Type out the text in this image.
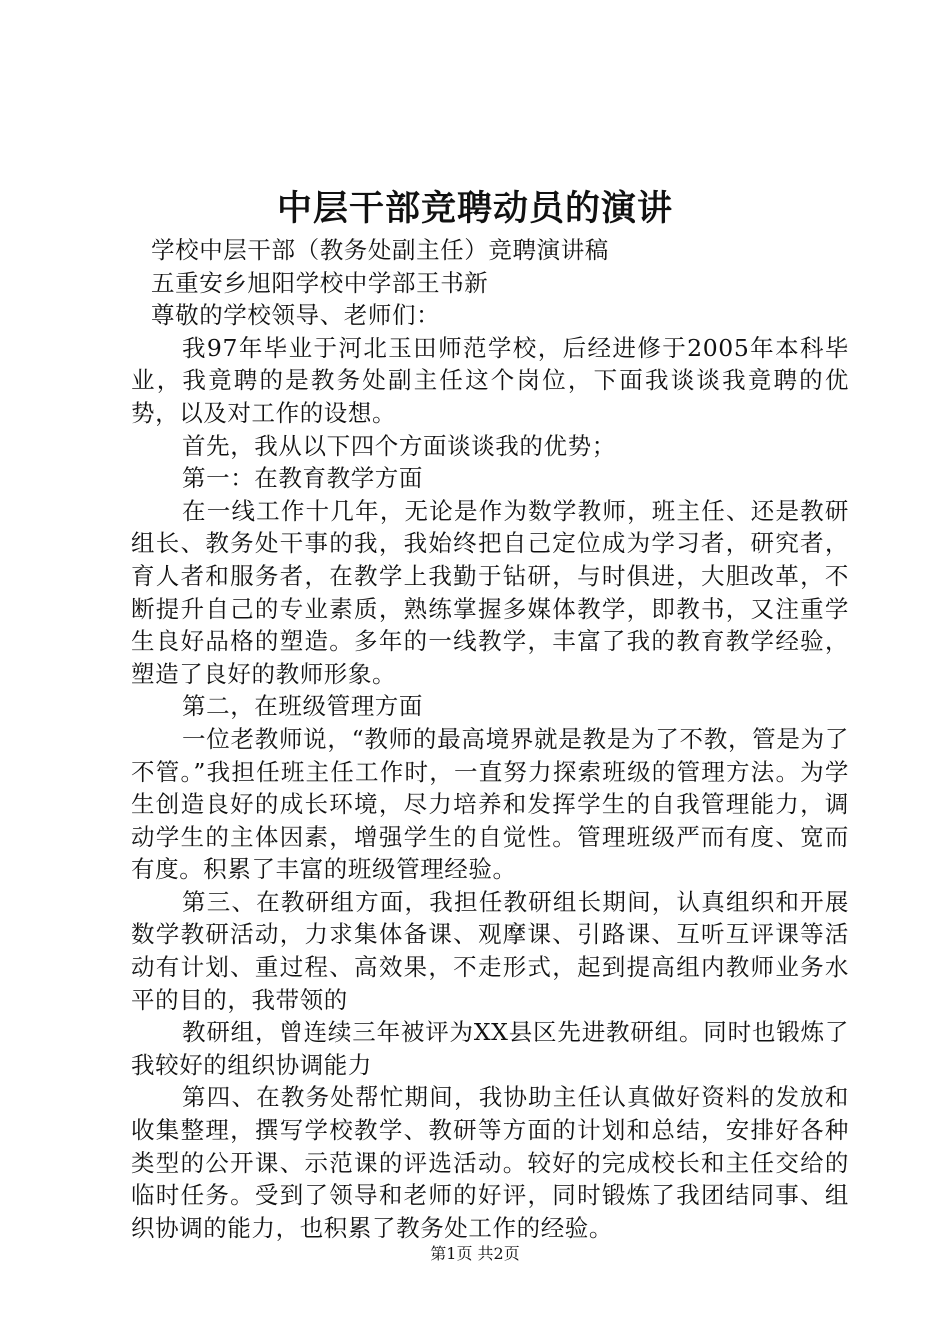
中层干部竞聘动员的演讲

学校中层干部（教务处副主任）竞聘演讲稿

五重安乡旭阳学校中学部王书新

尊敬的学校领导、老师们：

我97年毕业于河北玉田师范学校，后经进修于2005年本科毕业，我竟聘的是教务处副主任这个岗位，下面我谈谈我竟聘的优势，以及对工作的设想。

首先，我从以下四个方面谈谈我的优势；

第一：在教育教学方面

在一线工作十几年，无论是作为数学教师，班主任、还是教研组长、教务处干事的我，我始终把自己定位成为学习者，研究者，育人者和服务者，在教学上我勤于钻研，与时俱进，大胆改革，不断提升自己的专业素质，熟练掌握多媒体教学，即教书，又注重学生良好品格的塑造。多年的一线教学，丰富了我的教育教学经验，塑造了良好的教师形象。

第二，在班级管理方面

一位老教师说，“教师的最高境界就是教是为了不教，管是为了不管。”我担任班主任工作时，一直努力探索班级的管理方法。为学生创造良好的成长环境，尽力培养和发挥学生的自我管理能力，调动学生的主体因素，增强学生的自觉性。管理班级严而有度、宽而有度。积累了丰富的班级管理经验。

第三、在教研组方面，我担任教研组长期间，认真组织和开展数学教研活动，力求集体备课、观摩课、引路课、互听互评课等活动有计划、重过程、高效果，不走形式，起到提高组内教师业务水平的目的，我带领的

教研组，曾连续三年被评为XX县区先进教研组。同时也锻炼了我较好的组织协调能力

第四、在教务处帮忙期间，我协助主任认真做好资料的发放和收集整理，撰写学校教学、教研等方面的计划和总结，安排好各种类型的公开课、示范课的评选活动。较好的完成校长和主任交给的临时任务。受到了领导和老师的好评，同时锻炼了我团结同事、组织协调的能力，也积累了教务处工作的经验。

第1页 共2页
